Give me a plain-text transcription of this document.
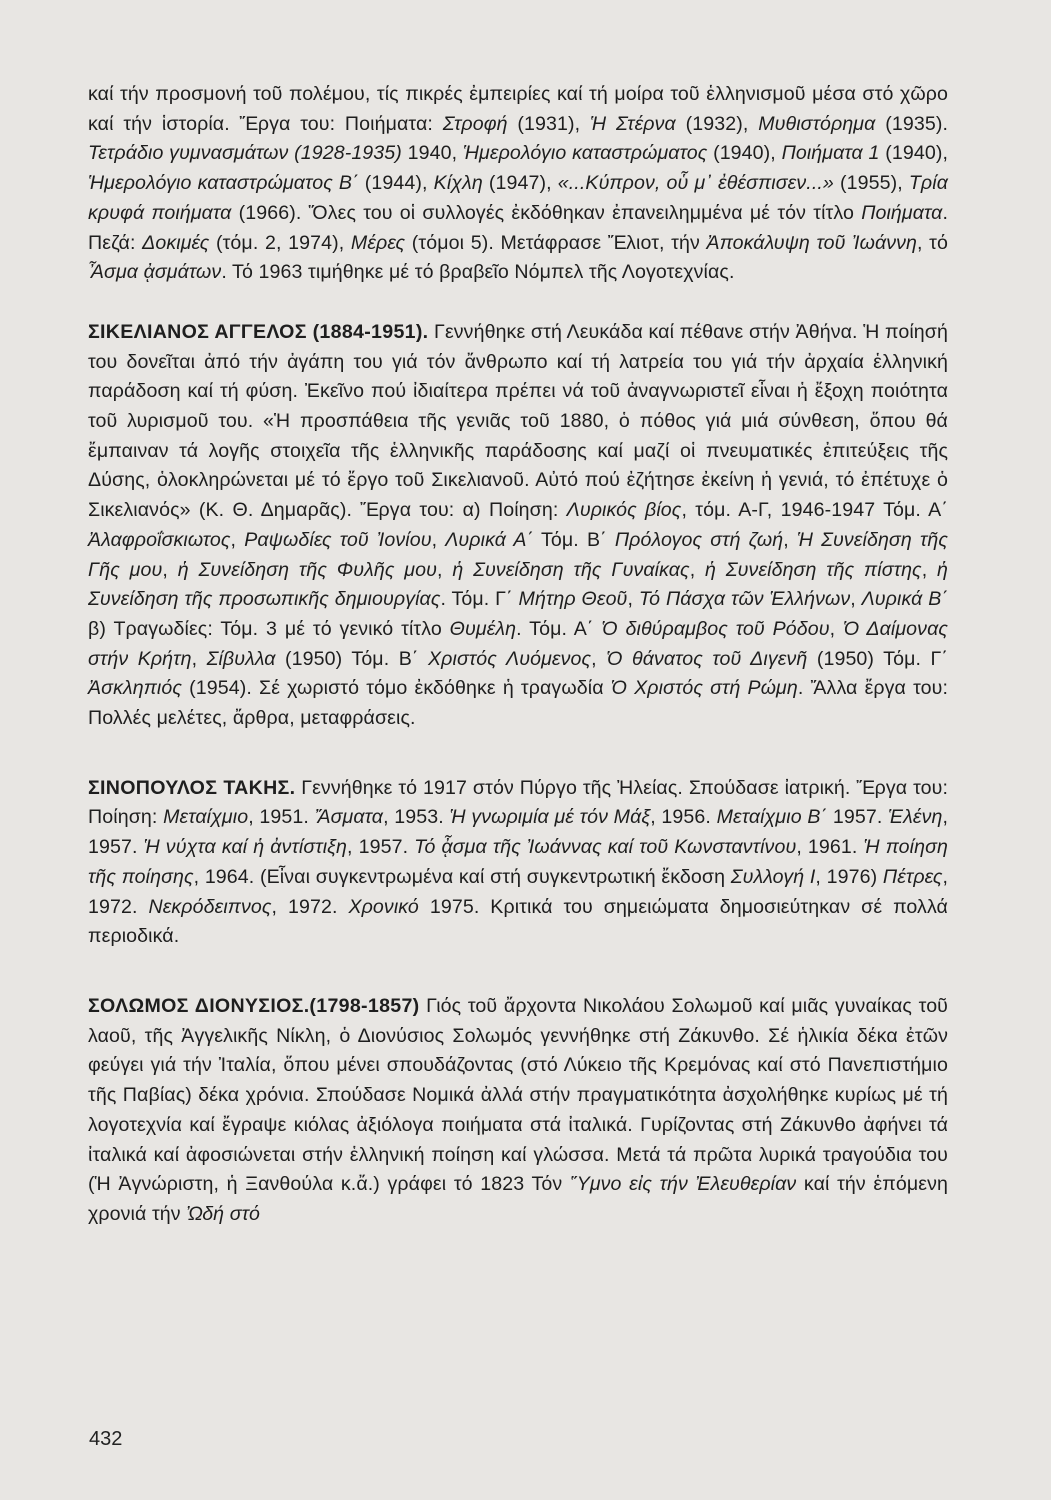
καί τήν προσμονή τοῦ πολέμου, τίς πικρές ἐμπειρίες καί τή μοίρα τοῦ ἑλληνισμοῦ μέσα στό χῶρο καί τήν ἱστορία. Ἔργα του: Ποιήματα: Στροφή (1931), Ἡ Στέρνα (1932), Μυθιστόρημα (1935). Τετράδιο γυμνασμάτων (1928-1935) 1940, Ἡμερολόγιο καταστρώματος (1940), Ποιήματα 1 (1940), Ἡμερολόγιο καταστρώματος Β΄ (1944), Κίχλη (1947), «...Κύπρον, οὗ μ᾽ ἐθέσπισεν...» (1955), Τρία κρυφά ποιήματα (1966). Ὅλες του οἱ συλλογές ἐκδόθηκαν ἐπανειλημμένα μέ τόν τίτλο Ποιήματα. Πεζά: Δοκιμές (τόμ. 2, 1974), Μέρες (τόμοι 5). Μετάφρασε Ἔλιοτ, τήν Ἀποκάλυψη τοῦ Ἰωάννη, τό Ἆσμα ᾀσμάτων. Τό 1963 τιμήθηκε μέ τό βραβεῖο Νόμπελ τῆς Λογοτεχνίας.

ΣΙΚΕΛΙΑΝΟΣ ΑΓΓΕΛΟΣ (1884-1951). Γεννήθηκε στή Λευκάδα καί πέθανε στήν Ἀθήνα. Ἡ ποίησή του δονεῖται ἀπό τήν ἀγάπη του γιά τόν ἄνθρωπο καί τή λατρεία του γιά τήν ἀρχαία ἑλληνική παράδοση καί τή φύση. Ἐκεῖνο πού ἰδιαίτερα πρέπει νά τοῦ ἀναγνωριστεῖ εἶναι ἡ ἔξοχη ποιότητα τοῦ λυρισμοῦ του. «Ἡ προσπάθεια τῆς γενιᾶς τοῦ 1880, ὁ πόθος γιά μιά σύνθεση, ὅπου θά ἔμπαιναν τά λογῆς στοιχεῖα τῆς ἑλληνικῆς παράδοσης καί μαζί οἱ πνευματικές ἐπιτεύξεις τῆς Δύσης, ὁλοκληρώνεται μέ τό ἔργο τοῦ Σικελιανοῦ. Αὐτό πού ἐζήτησε ἐκείνη ἡ γενιά, τό ἐπέτυχε ὁ Σικελιανός» (Κ. Θ. Δημαρᾶς). Ἔργα του: α) Ποίηση: Λυρικός βίος, τόμ. Α-Γ, 1946-1947 Τόμ. Α΄ Ἀλαφροΐσκιωτος, Ραψωδίες τοῦ Ἰονίου, Λυρικά Α΄ Τόμ. Β΄ Πρόλογος στή ζωή, Ἡ Συνείδηση τῆς Γῆς μου, ἡ Συνείδηση τῆς Φυλῆς μου, ἡ Συνείδηση τῆς Γυναίκας, ἡ Συνείδηση τῆς πίστης, ἡ Συνείδηση τῆς προσωπικῆς δημιουργίας. Τόμ. Γ΄ Μήτηρ Θεοῦ, Τό Πάσχα τῶν Ἑλλήνων, Λυρικά Β΄ β) Τραγωδίες: Τόμ. 3 μέ τό γενικό τίτλο Θυμέλη. Τόμ. Α΄ Ὁ διθύραμβος τοῦ Ρόδου, Ὁ Δαίμονας στήν Κρήτη, Σίβυλλα (1950) Τόμ. Β΄ Χριστός Λυόμενος, Ὁ θάνατος τοῦ Διγενῆ (1950) Τόμ. Γ΄ Ἀσκληπιός (1954). Σέ χωριστό τόμο ἐκδόθηκε ἡ τραγωδία Ὁ Χριστός στή Ρώμη. Ἄλλα ἔργα του: Πολλές μελέτες, ἄρθρα, μεταφράσεις.

ΣΙΝΟΠΟΥΛΟΣ ΤΑΚΗΣ. Γεννήθηκε τό 1917 στόν Πύργο τῆς Ἠλείας. Σπούδασε ἰατρική. Ἔργα του: Ποίηση: Μεταίχμιο, 1951. Ἄσματα, 1953. Ἡ γνωριμία μέ τόν Μάξ, 1956. Μεταίχμιο Β΄ 1957. Ἑλένη, 1957. Ἡ νύχτα καί ἡ ἀντίστιξη, 1957. Τό ᾆσμα τῆς Ἰωάννας καί τοῦ Κωνσταντίνου, 1961. Ἡ ποίηση τῆς ποίησης, 1964. (Εἶναι συγκεντρωμένα καί στή συγκεντρωτική ἔκδοση Συλλογή Ι, 1976) Πέτρες, 1972. Νεκρόδειπνος, 1972. Χρονικό 1975. Κριτικά του σημειώματα δημοσιεύτηκαν σέ πολλά περιοδικά.

ΣΟΛΩΜΟΣ ΔΙΟΝΥΣΙΟΣ.(1798-1857) Γιός τοῦ ἄρχοντα Νικολάου Σολωμοῦ καί μιᾶς γυναίκας τοῦ λαοῦ, τῆς Ἀγγελικῆς Νίκλη, ὁ Διονύσιος Σολωμός γεννήθηκε στή Ζάκυνθο. Σέ ἡλικία δέκα ἐτῶν φεύγει γιά τήν Ἰταλία, ὅπου μένει σπουδάζοντας (στό Λύκειο τῆς Κρεμόνας καί στό Πανεπιστήμιο τῆς Παβίας) δέκα χρόνια. Σπούδασε Νομικά ἀλλά στήν πραγματικότητα ἀσχολήθηκε κυρίως μέ τή λογοτεχνία καί ἔγραψε κιόλας ἀξιόλογα ποιήματα στά ἰταλικά. Γυρίζοντας στή Ζάκυνθο ἀφήνει τά ἰταλικά καί ἀφοσιώνεται στήν ἑλληνική ποίηση καί γλώσσα. Μετά τά πρῶτα λυρικά τραγούδια του (Ἡ Ἀγνώριστη, ἡ Ξανθούλα κ.ἄ.) γράφει τό 1823 Τόν Ὕμνο εἰς τήν Ἐλευθερίαν καί τήν ἑπόμενη χρονιά τήν Ὠδή στό

432
